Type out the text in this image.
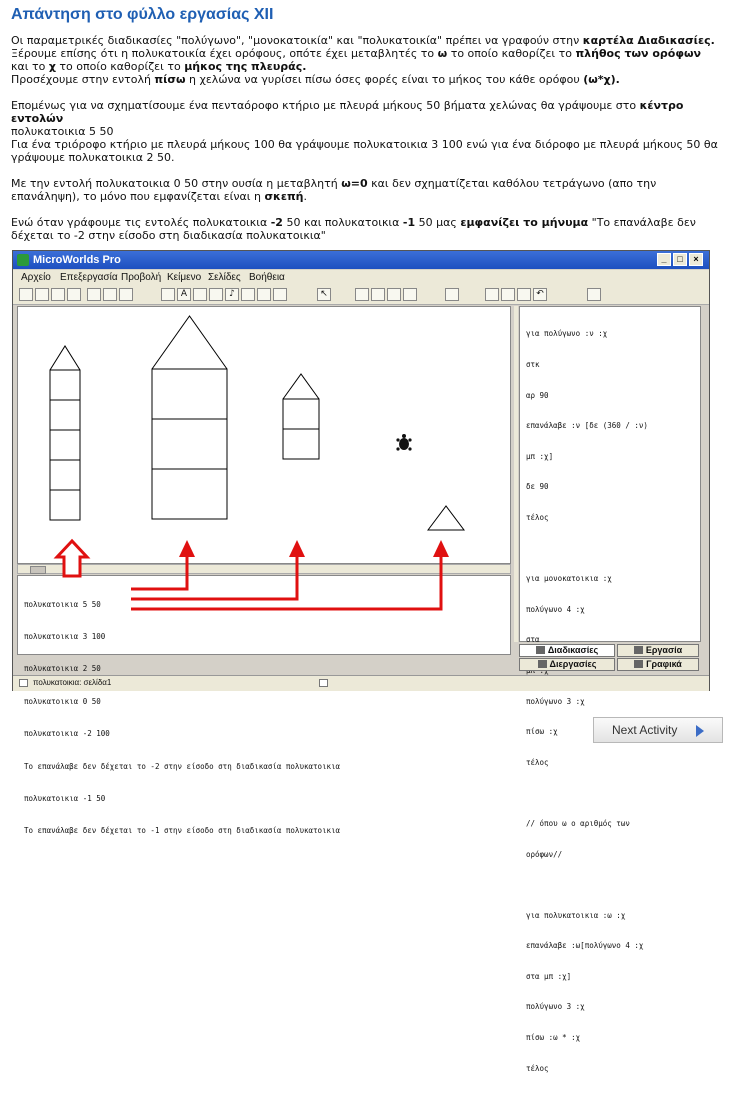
Απάντηση στο φύλλο εργασίας XII

Οι παραμετρικές διαδικασίες "πολύγωνο", "μονοκατοικία" και "πολυκατοικία" πρέπει να γραφούν στην καρτέλα Διαδικασίες.

Ξέρουμε επίσης ότι η πολυκατοικία έχει ορόφους, οπότε έχει μεταβλητές το ω το οποίο καθορίζει το πλήθος των ορόφων

και το χ το οποίο καθορίζει το μήκος της πλευράς.

Προσέχουμε στην εντολή πίσω η χελώνα να γυρίσει πίσω όσες φορές είναι το μήκος του κάθε ορόφου (ω*χ).

Επομένως για να σχηματίσουμε ένα πενταόροφο κτήριο με πλευρά μήκους 50 βήματα χελώνας θα γράψουμε στο κέντρο εντολών

πολυκατοικια 5 50

Για ένα τριόροφο κτήριο με πλευρά μήκους 100 θα γράψουμε πολυκατοικια 3 100 ενώ για ένα διόροφο με πλευρά μήκους 50 θα γράψουμε πολυκατοικια 2 50.

Με την εντολή πολυκατοικια 0 50 στην ουσία η μεταβλητή ω=0 και δεν σχηματίζεται καθόλου τετράγωνο (απο την επανάληψη), το μόνο που εμφανίζεται είναι η σκεπή.

Ενώ όταν γράφουμε τις εντολές πολυκατοικια -2 50 και πολυκατοικια -1 50 μας εμφανίζει το μήνυμα "Το επανάλαβε δεν δέχεται το -2 στην είσοδο στη διαδικασία πολυκατοικια"

MicroWorlds Pro	_	□	×
Αρχείο Επεξεργασία Προβολή Κείμενο Σελίδες Βοήθεια
A	♪	↖	↶

πολυκατοικια 5 50

πολυκατοικια 3 100

πολυκατοικια 2 50

πολυκατοικια 0 50

πολυκατοικια -2 100

Το επανάλαβε δεν δέχεται το -2 στην είσοδο στη διαδικασία πολυκατοικια

πολυκατοικια -1 50

Το επανάλαβε δεν δέχεται το -1 στην είσοδο στη διαδικασία πολυκατοικια

για πολύγωνο :ν :χ

στκ

αρ 90

επανάλαβε :ν [δε (360 / :ν)

μπ :χ]

δε 90

τέλος

για μονοκατοικια :χ

πολύγωνο 4 :χ

στα

πολύγωνο 3 :χ

πίσω :χ

τέλος

// όπου ω ο αριθμός των

ορόφων//

για πολυκατοικια :ω :χ

επανάλαβε :ω[πολύγωνο 4 :χ

στα μπ :χ]

πολύγωνο 3 :χ

πίσω :ω * :χ

τέλος

Διαδικασίες	Εργασία
Διεργασίες	Γραφικά
πολυκατοικια: σελίδα1
Next Activity
